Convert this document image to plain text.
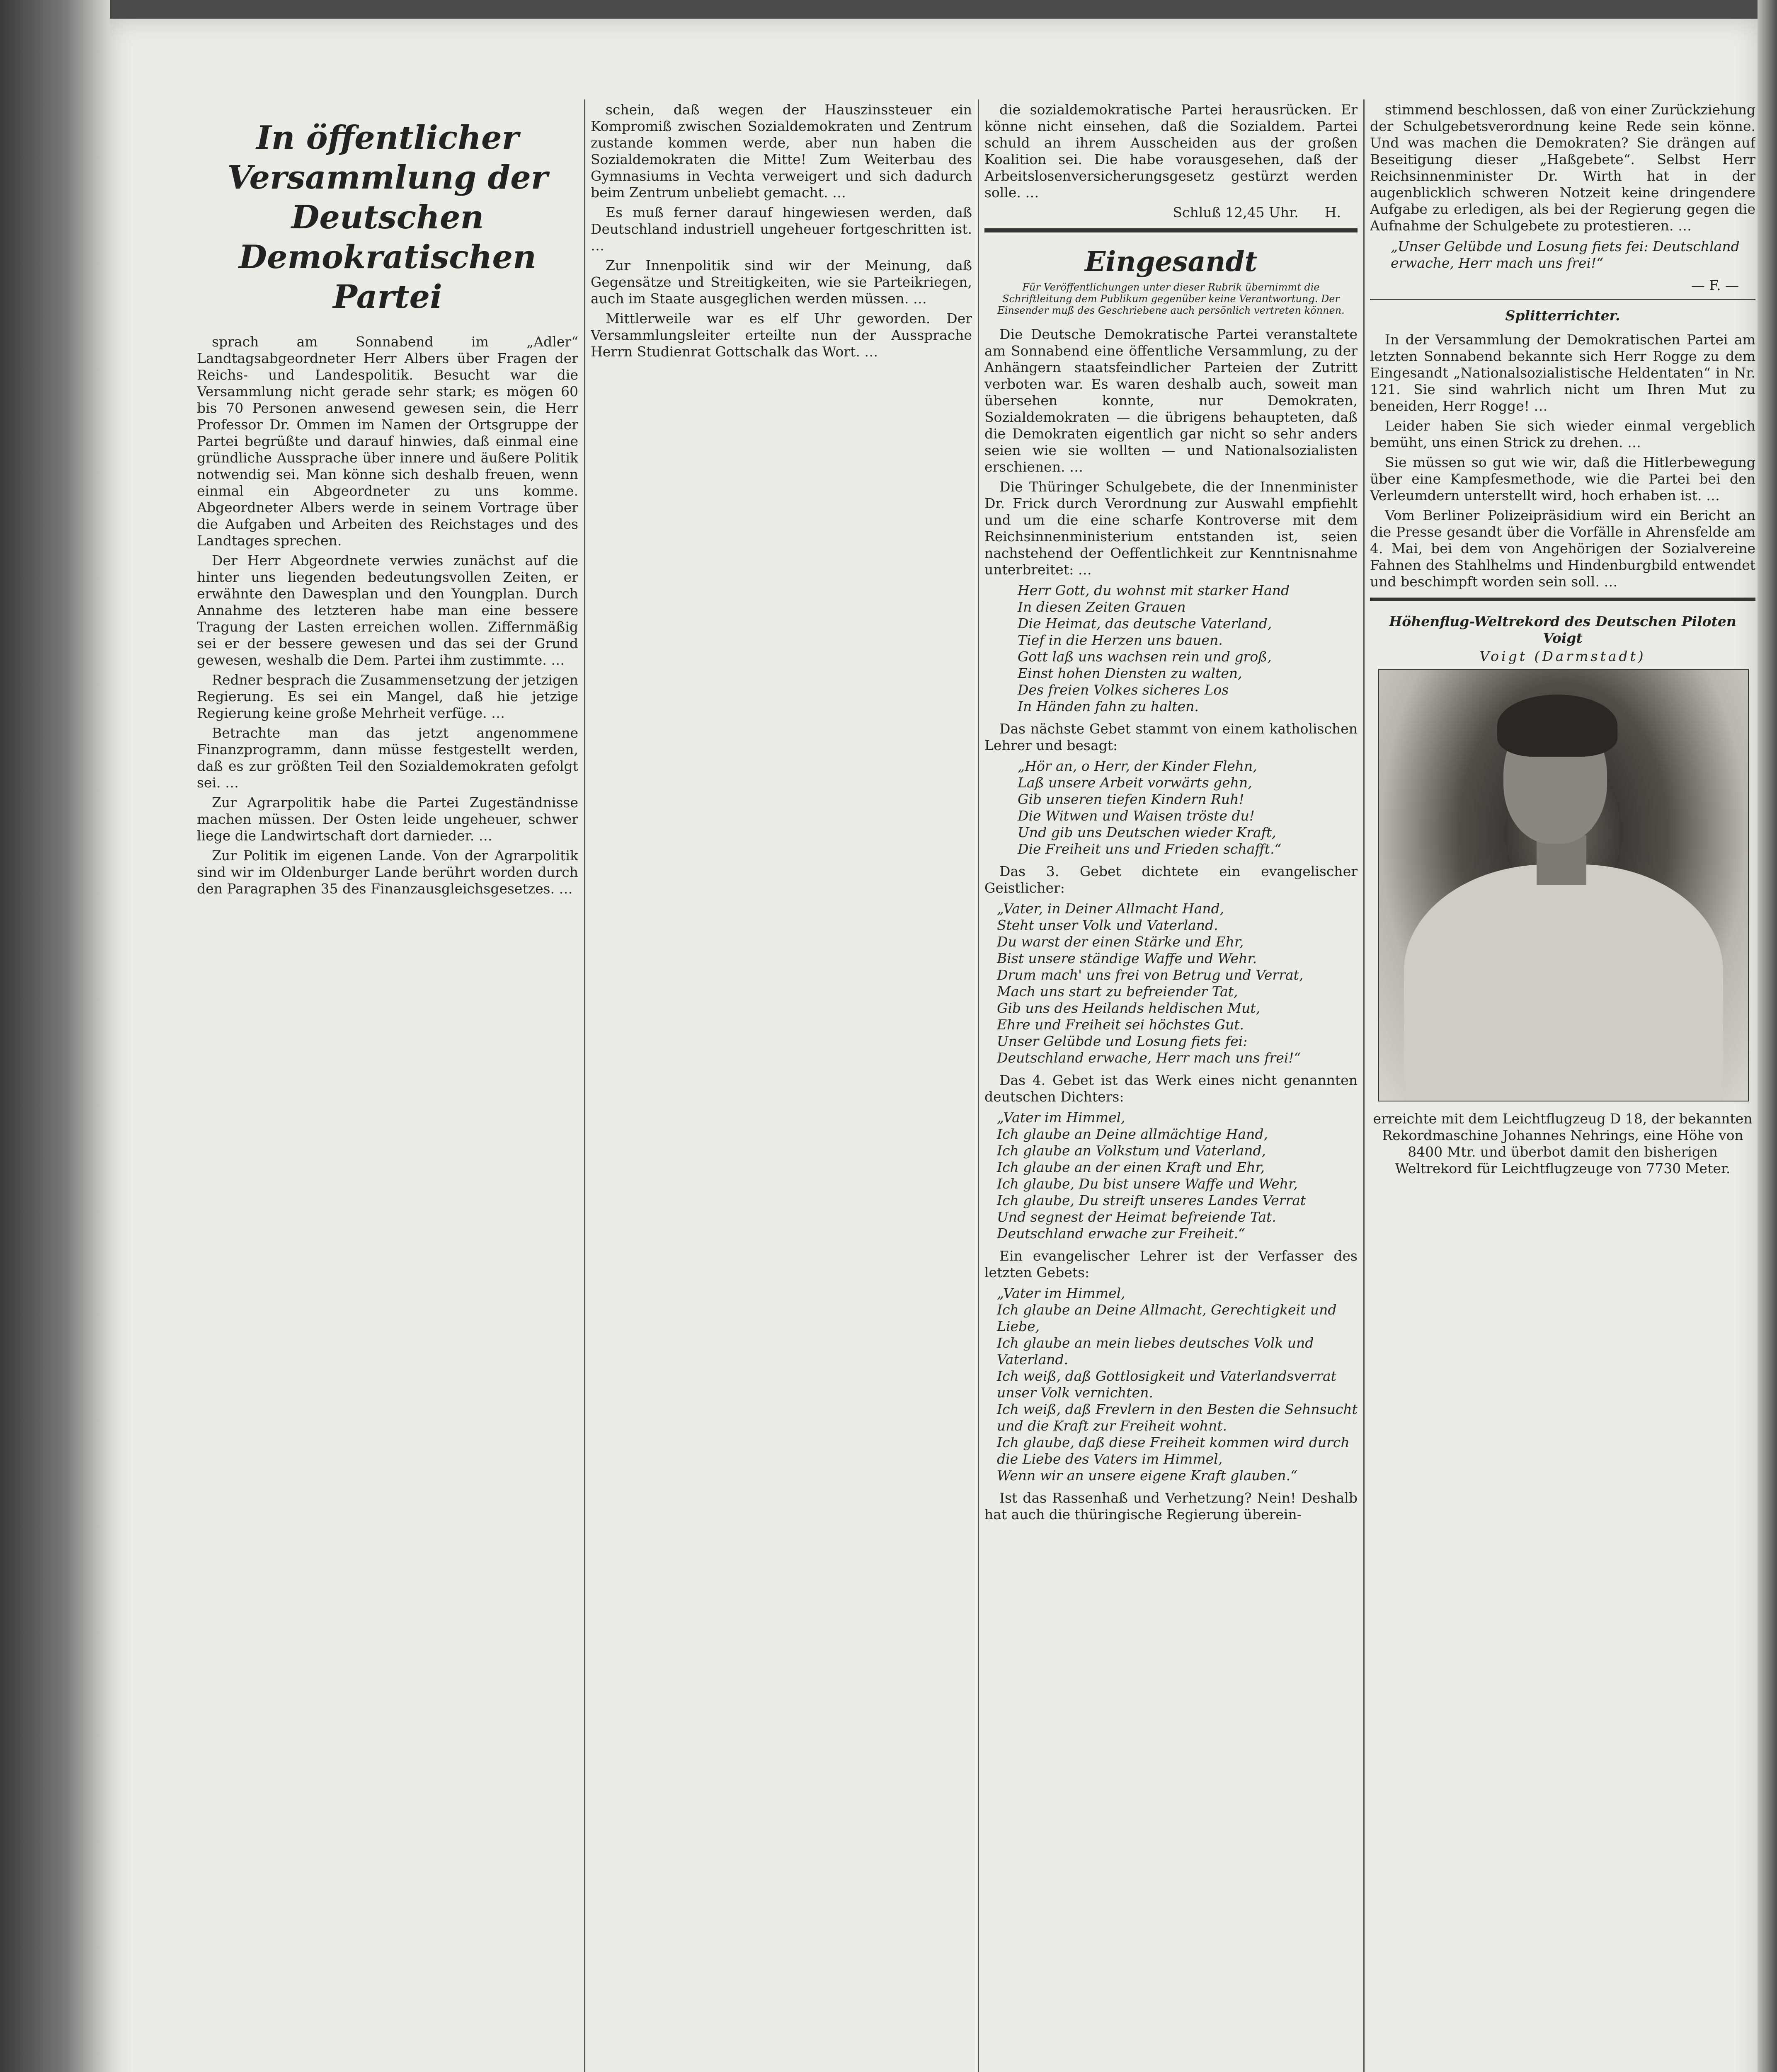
In öffentlicher Versammlung der Deutschen Demokratischen Partei

sprach am Sonnabend im „Adler“ Landtagsabgeordneter Herr Albers über Fragen der Reichs- und Landespolitik. Besucht war die Versammlung nicht gerade sehr stark; es mögen 60 bis 70 Personen anwesend gewesen sein, die Herr Professor Dr. Ommen im Namen der Ortsgruppe der Partei begrüßte und darauf hinwies, daß einmal eine gründliche Aussprache über innere und äußere Politik notwendig sei. Man könne sich deshalb freuen, wenn einmal ein Abgeordneter zu uns komme. Abgeordneter Albers werde in seinem Vortrage über die Aufgaben und Arbeiten des Reichstages und des Landtages sprechen.

Der Herr Abgeordnete verwies zunächst auf die hinter uns liegenden bedeutungsvollen Zeiten, er erwähnte den Dawesplan und den Youngplan. Durch Annahme des letzteren habe man eine bessere Tragung der Lasten erreichen wollen. Ziffernmäßig sei er der bessere gewesen und das sei der Grund gewesen, weshalb die Dem. Partei ihm zustimmte. …

Redner besprach die Zusammensetzung der jetzigen Regierung. Es sei ein Mangel, daß hie jetzige Regierung keine große Mehrheit verfüge. …

Betrachte man das jetzt angenommene Finanzprogramm, dann müsse festgestellt werden, daß es zur größten Teil den Sozialdemokraten gefolgt sei. …

Zur Agrarpolitik habe die Partei Zugeständnisse machen müssen. Der Osten leide ungeheuer, schwer liege die Landwirtschaft dort darnieder. …

Zur Politik im eigenen Lande. Von der Agrarpolitik sind wir im Oldenburger Lande berührt worden durch den Paragraphen 35 des Finanzausgleichsgesetzes. …

schein, daß wegen der Hauszinssteuer ein Kompromiß zwischen Sozialdemokraten und Zentrum zustande kommen werde, aber nun haben die Sozialdemokraten die Mitte! Zum Weiterbau des Gymnasiums in Vechta verweigert und sich dadurch beim Zentrum unbeliebt gemacht. …

Es muß ferner darauf hingewiesen werden, daß Deutschland industriell ungeheuer fortgeschritten ist. …

Zur Innenpolitik sind wir der Meinung, daß Gegensätze und Streitigkeiten, wie sie Parteikriegen, auch im Staate ausgeglichen werden müssen. …

Mittlerweile war es elf Uhr geworden. Der Versammlungsleiter erteilte nun der Aussprache Herrn Studienrat Gottschalk das Wort. …

die sozialdemokratische Partei herausrücken. Er könne nicht einsehen, daß die Sozialdem. Partei schuld an ihrem Ausscheiden aus der großen Koalition sei. Die habe vorausgesehen, daß der Arbeitslosenversicherungsgesetz gestürzt werden solle. …

Schluß 12,45 Uhr. H.
Eingesandt
Für Veröffentlichungen unter dieser Rubrik übernimmt die Schriftleitung dem Publikum gegenüber keine Verantwortung. Der Einsender muß des Geschriebene auch persönlich vertreten können.

Die Deutsche Demokratische Partei veranstaltete am Sonnabend eine öffentliche Versammlung, zu der Anhängern staatsfeindlicher Parteien der Zutritt verboten war. Es waren deshalb auch, soweit man übersehen konnte, nur Demokraten, Sozialdemokraten — die übrigens behaupteten, daß die Demokraten eigentlich gar nicht so sehr anders seien wie sie wollten — und Nationalsozialisten erschienen. …

Die Thüringer Schulgebete, die der Innenminister Dr. Frick durch Verordnung zur Auswahl empfiehlt und um die eine scharfe Kontroverse mit dem Reichsinnenministerium entstanden ist, seien nachstehend der Oeffentlichkeit zur Kenntnisnahme unterbreitet: …

Herr Gott, du wohnst mit starker Hand
In diesen Zeiten Grauen
Die Heimat, das deutsche Vaterland,
Tief in die Herzen uns bauen.
Gott laß uns wachsen rein und groß,
Einst hohen Diensten zu walten,
Des freien Volkes sicheres Los
In Händen fahn zu halten.

Das nächste Gebet stammt von einem katholischen Lehrer und besagt:

„Hör an, o Herr, der Kinder Flehn,
Laß unsere Arbeit vorwärts gehn,
Gib unseren tiefen Kindern Ruh!
Die Witwen und Waisen tröste du!
Und gib uns Deutschen wieder Kraft,
Die Freiheit uns und Frieden schafft.“

Das 3. Gebet dichtete ein evangelischer Geistlicher:

„Vater, in Deiner Allmacht Hand,
Steht unser Volk und Vaterland.
Du warst der einen Stärke und Ehr,
Bist unsere ständige Waffe und Wehr.
Drum mach' uns frei von Betrug und Verrat,
Mach uns start zu befreiender Tat,
Gib uns des Heilands heldischen Mut,
Ehre und Freiheit sei höchstes Gut.
Unser Gelübde und Losung fiets fei:
Deutschland erwache, Herr mach uns frei!“

Das 4. Gebet ist das Werk eines nicht genannten deutschen Dichters:

„Vater im Himmel,
Ich glaube an Deine allmächtige Hand,
Ich glaube an Volkstum und Vaterland,
Ich glaube an der einen Kraft und Ehr,
Ich glaube, Du bist unsere Waffe und Wehr,
Ich glaube, Du streift unseres Landes Verrat
Und segnest der Heimat befreiende Tat.
Deutschland erwache zur Freiheit.“

Ein evangelischer Lehrer ist der Verfasser des letzten Gebets:

„Vater im Himmel,
Ich glaube an Deine Allmacht, Gerechtigkeit und Liebe,
Ich glaube an mein liebes deutsches Volk und Vaterland.
Ich weiß, daß Gottlosigkeit und Vaterlandsverrat unser Volk vernichten.
Ich weiß, daß Frevlern in den Besten die Sehnsucht und die Kraft zur Freiheit wohnt.
Ich glaube, daß diese Freiheit kommen wird durch die Liebe des Vaters im Himmel,
Wenn wir an unsere eigene Kraft glauben.“

Ist das Rassenhaß und Verhetzung? Nein! Deshalb hat auch die thüringische Regierung überein-

stimmend beschlossen, daß von einer Zurückziehung der Schulgebetsverordnung keine Rede sein könne. Und was machen die Demokraten? Sie drängen auf Beseitigung dieser „Haßgebete“. Selbst Herr Reichsinnenminister Dr. Wirth hat in der augenblicklich schweren Notzeit keine dringendere Aufgabe zu erledigen, als bei der Regierung gegen die Aufnahme der Schulgebete zu protestieren. …

„Unser Gelübde und Losung fiets fei: Deutschland erwache, Herr mach uns frei!“
— F. —
Splitterrichter.

In der Versammlung der Demokratischen Partei am letzten Sonnabend bekannte sich Herr Rogge zu dem Eingesandt „Nationalsozialistische Heldentaten“ in Nr. 121. Sie sind wahrlich nicht um Ihren Mut zu beneiden, Herr Rogge! …

Leider haben Sie sich wieder einmal vergeblich bemüht, uns einen Strick zu drehen. …

Sie müssen so gut wie wir, daß die Hitlerbewegung über eine Kampfesmethode, wie die Partei bei den Verleumdern unterstellt wird, hoch erhaben ist. …

Vom Berliner Polizeipräsidium wird ein Bericht an die Presse gesandt über die Vorfälle in Ahrensfelde am 4. Mai, bei dem von Angehörigen der Sozialvereine Fahnen des Stahlhelms und Hindenburgbild entwendet und beschimpft worden sein soll. …

Höhenflug-Weltrekord des Deutschen Piloten Voigt
Voigt (Darmstadt)

erreichte mit dem Leichtflugzeug D 18, der bekannten Rekordmaschine Johannes Nehrings, eine Höhe von 8400 Mtr. und überbot damit den bisherigen Weltrekord für Leichtflugzeuge von 7730 Meter.
